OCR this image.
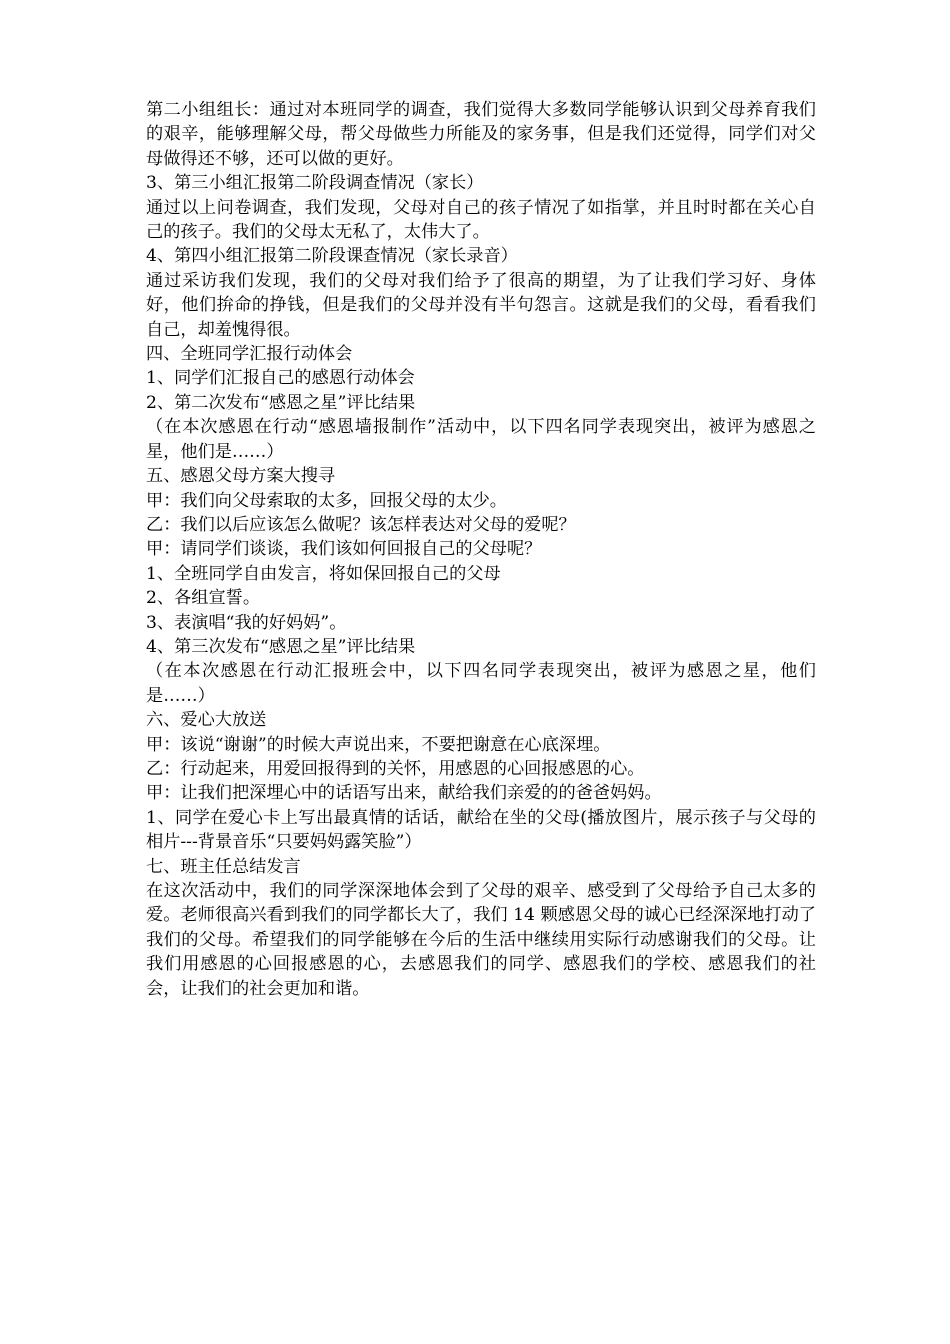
第二小组组长：通过对本班同学的调查，我们觉得大多数同学能够认识到父母养育我们的艰辛，能够理解父母，帮父母做些力所能及的家务事，但是我们还觉得，同学们对父母做得还不够，还可以做的更好。

3、第三小组汇报第二阶段调查情况（家长）

通过以上问卷调查，我们发现，父母对自己的孩子情况了如指掌，并且时时都在关心自己的孩子。我们的父母太无私了，太伟大了。

4、第四小组汇报第二阶段课查情况（家长录音）

通过采访我们发现，我们的父母对我们给予了很高的期望，为了让我们学习好、身体好，他们拚命的挣钱，但是我们的父母并没有半句怨言。这就是我们的父母，看看我们自己，却羞愧得很。

四、全班同学汇报行动体会

1、同学们汇报自己的感恩行动体会

2、第二次发布“感恩之星”评比结果

（在本次感恩在行动“感恩墙报制作”活动中，以下四名同学表现突出，被评为感恩之星，他们是……）

五、感恩父母方案大搜寻

甲：我们向父母索取的太多，回报父母的太少。

乙：我们以后应该怎么做呢？该怎样表达对父母的爱呢？

甲：请同学们谈谈，我们该如何回报自己的父母呢？

1、全班同学自由发言，将如保回报自己的父母

2、各组宣誓。

3、表演唱“我的好妈妈”。

4、第三次发布“感恩之星”评比结果

（在本次感恩在行动汇报班会中，以下四名同学表现突出，被评为感恩之星，他们是……）

六、爱心大放送

甲：该说“谢谢”的时候大声说出来，不要把谢意在心底深埋。

乙：行动起来，用爱回报得到的关怀，用感恩的心回报感恩的心。

甲：让我们把深埋心中的话语写出来，献给我们亲爱的的爸爸妈妈。

1、同学在爱心卡上写出最真情的话话，献给在坐的父母(播放图片，展示孩子与父母的相片---背景音乐“只要妈妈露笑脸”）

七、班主任总结发言

在这次活动中，我们的同学深深地体会到了父母的艰辛、感受到了父母给予自己太多的爱。老师很高兴看到我们的同学都长大了，我们 14 颗感恩父母的诚心已经深深地打动了我们的父母。希望我们的同学能够在今后的生活中继续用实际行动感谢我们的父母。让我们用感恩的心回报感恩的心，去感恩我们的同学、感恩我们的学校、感恩我们的社会，让我们的社会更加和谐。
